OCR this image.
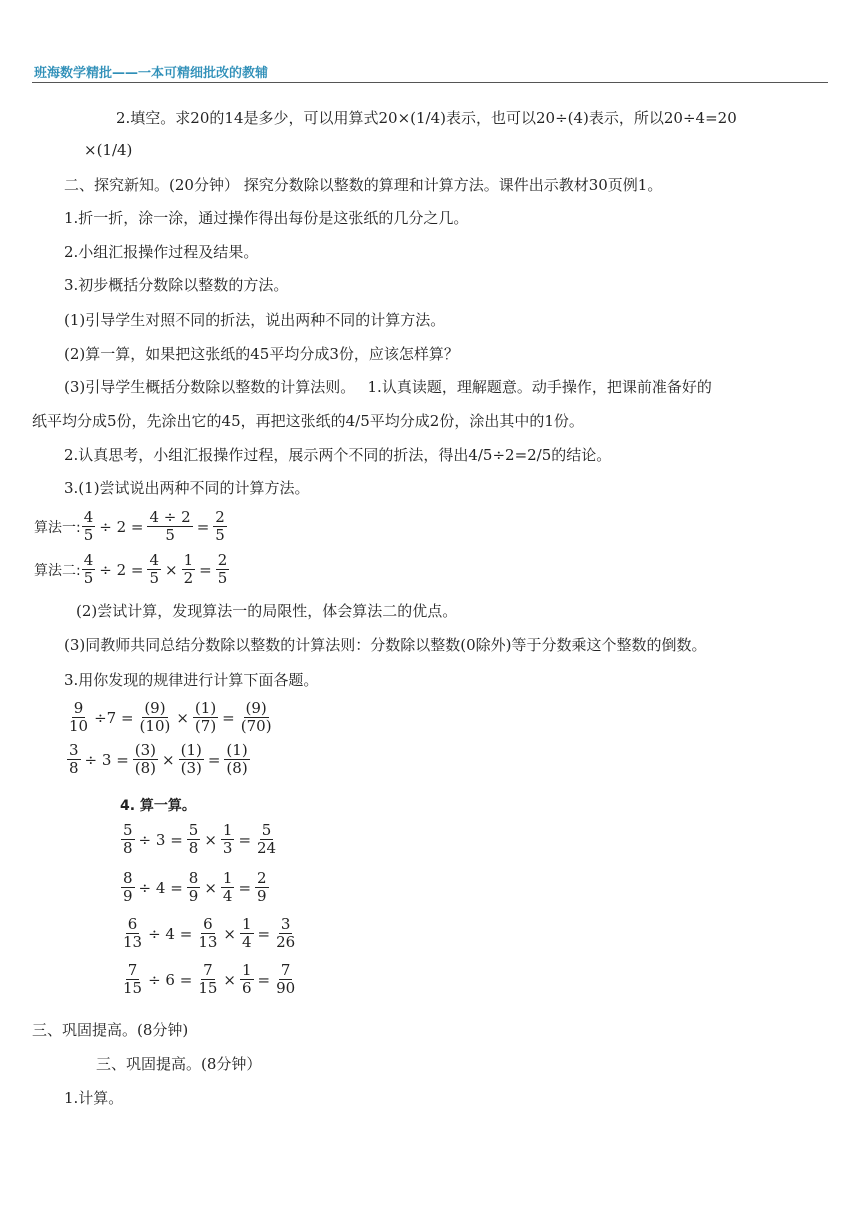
班海数学精批——一本可精细批改的教辅
2.填空。求20的14是多少，可以用算式20×(1/4)表示，也可以20÷(4)表示，所以20÷4=20
×(1/4)
二、探究新知。(20分钟） 探究分数除以整数的算理和计算方法。课件出示教材30页例1。
1.折一折，涂一涂，通过操作得出每份是这张纸的几分之几。
2.小组汇报操作过程及结果。
3.初步概括分数除以整数的方法。
(1)引导学生对照不同的折法，说出两种不同的计算方法。
(2)算一算，如果把这张纸的45平均分成3份，应该怎样算？
(3)引导学生概括分数除以整数的计算法则。　 1.认真读题，理解题意。动手操作，把课前准备好的
纸平均分成5份，先涂出它的45，再把这张纸的4/5平均分成2份，涂出其中的1份。
2.认真思考，小组汇报操作过程，展示两个不同的折法，得出4/5÷2=2/5的结论。
3.(1)尝试说出两种不同的计算方法。
算法一: $\frac{4}{5} \div 2 = \frac{4 \div 2}{5} = \frac{2}{5}$
算法二: $\frac{4}{5} \div 2 = \frac{4}{5} \times \frac{1}{2} = \frac{2}{5}$
(2)尝试计算，发现算法一的局限性，体会算法二的优点。
(3)同教师共同总结分数除以整数的计算法则：分数除以整数(0除外)等于分数乘这个整数的倒数。
3.用你发现的规律进行计算下面各题。
$\frac{9}{10} \div 7 = \frac{(9)}{(10)} \times \frac{(1)}{(7)} = \frac{(9)}{(70)}$
$\frac{3}{8} \div 3 = \frac{(3)}{(8)} \times \frac{(1)}{(3)} = \frac{(1)}{(8)}$
4. 算一算。
$\frac{5}{8} \div 3 = \frac{5}{8} \times \frac{1}{3} = \frac{5}{24}$
$\frac{8}{9} \div 4 = \frac{8}{9} \times \frac{1}{4} = \frac{2}{9}$
$\frac{6}{13} \div 4 = \frac{6}{13} \times \frac{1}{4} = \frac{3}{26}$
$\frac{7}{15} \div 6 = \frac{7}{15} \times \frac{1}{6} = \frac{7}{90}$
三、巩固提高。(8分钟)
三、巩固提高。(8分钟）
1.计算。
